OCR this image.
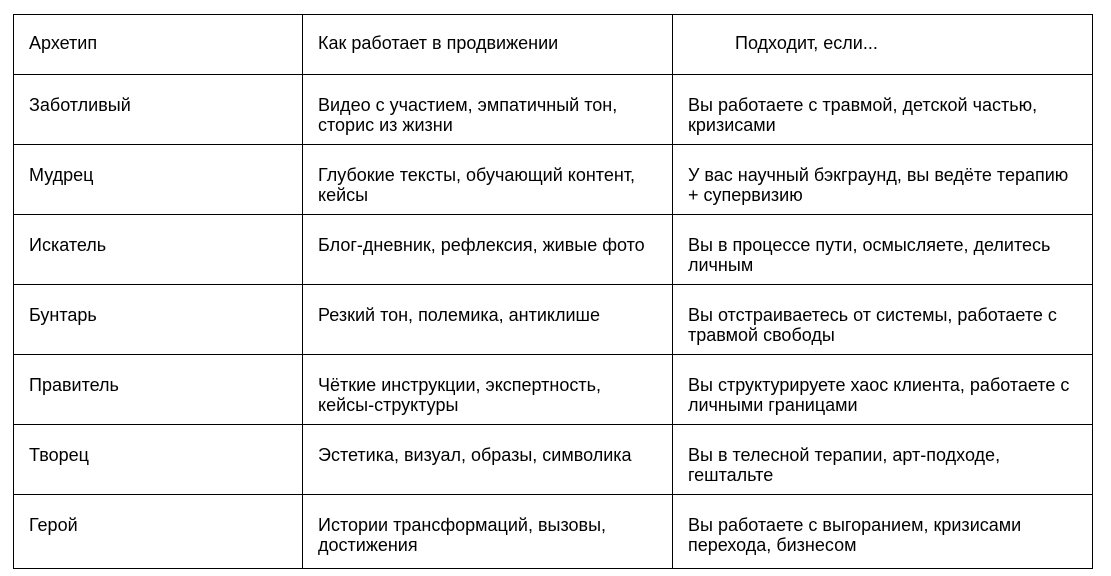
Архетип	Как работает в продвижении	Подходит, если...
Заботливый	Видео с участием, эмпатичный тон, сторис из жизни	Вы работаете с травмой, детской частью, кризисами
Мудрец	Глубокие тексты, обучающий контент, кейсы	У вас научный бэкграунд, вы ведёте терапию + супервизию
Искатель	Блог-дневник, рефлексия, живые фото	Вы в процессе пути, осмысляете, делитесь личным
Бунтарь	Резкий тон, полемика, антиклише	Вы отстраиваетесь от системы, работаете с травмой свободы
Правитель	Чёткие инструкции, экспертность, кейсы-структуры	Вы структурируете хаос клиента, работаете с личными границами
Творец	Эстетика, визуал, образы, символика	Вы в телесной терапии, арт-подходе, гештальте
Герой	Истории трансформаций, вызовы, достижения	Вы работаете с выгоранием, кризисами перехода, бизнесом
